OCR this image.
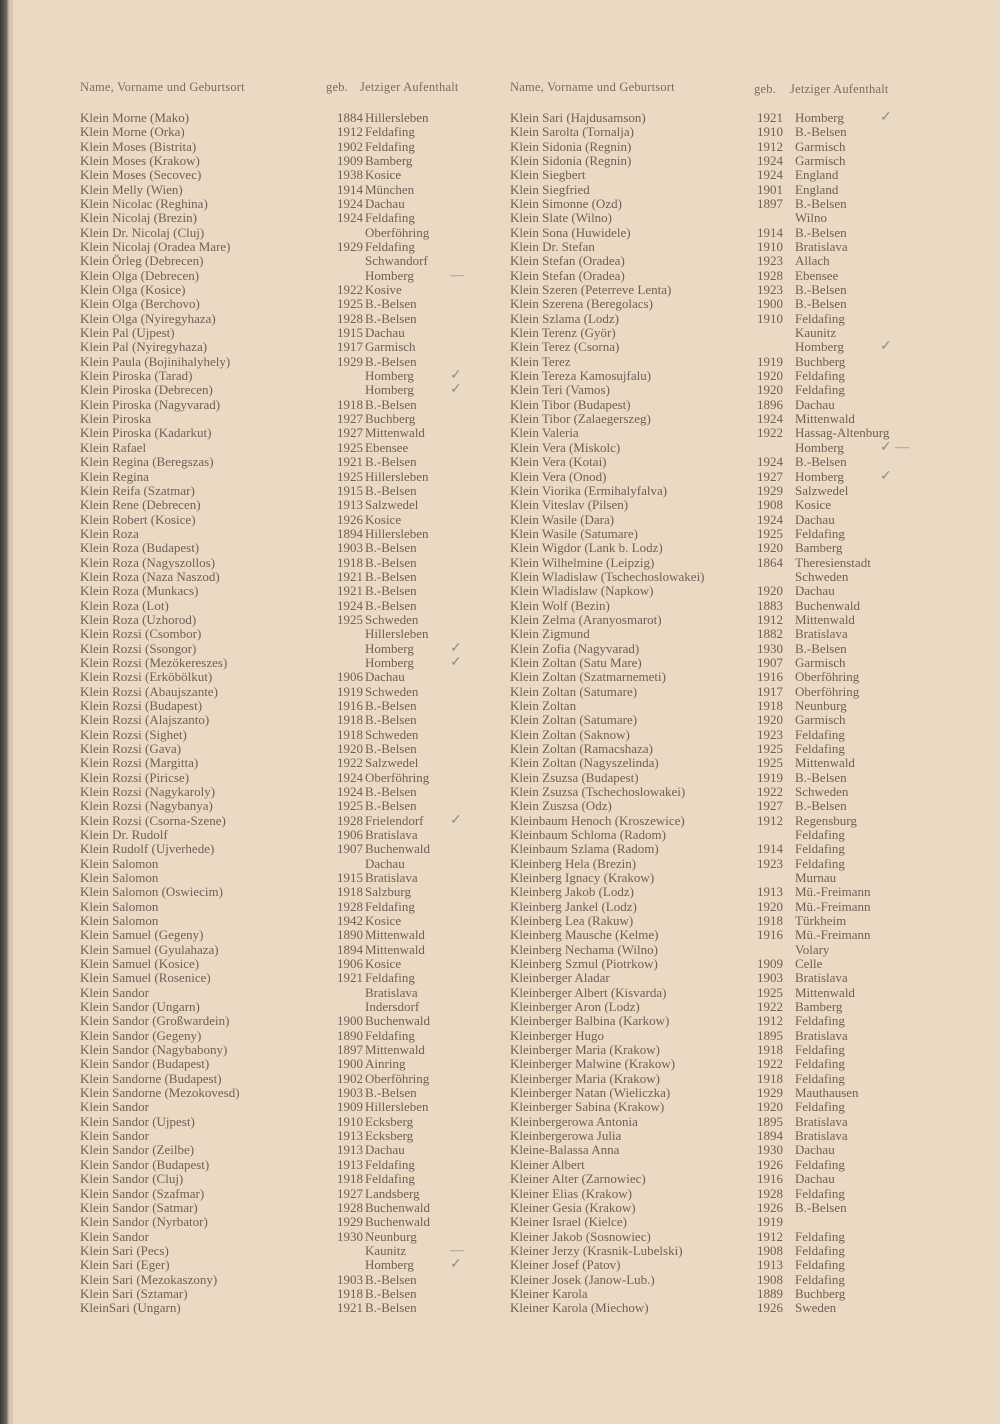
Name, Vorname und Geburtsort	geb. Jetziger Aufenthalt	Name, Vorname und Geburtsort	geb. Jetziger Aufenthalt
Klein Morne (Mako)	1884 Hillersleben
Klein Morne (Orka)	1912 Feldafing
Klein Moses (Bistrita)	1902 Feldafing
Klein Moses (Krakow)	1909 Bamberg
Klein Moses (Secovec)	1938 Kosice
Klein Melly (Wien)	1914 München
Klein Nicolac (Reghina)	1924 Dachau
Klein Nicolaj (Brezin)	1924 Feldafing
Klein Dr. Nicolaj (Cluj)	Oberföhring
Klein Nicolaj (Oradea Mare)	1929 Feldafing
Klein Örleg (Debrecen)	Schwandorf
Klein Olga (Debrecen)	Homberg	—
Klein Olga (Kosice)	1922 Kosive
Klein Olga (Berchovo)	1925 B.-Belsen
Klein Olga (Nyiregyhaza)	1928 B.-Belsen
Klein Pal (Ujpest)	1915 Dachau
Klein Pal (Nyiregyhaza)	1917 Garmisch
Klein Paula (Bojinihalyhely)	1929 B.-Belsen
Klein Piroska (Tarad)	Homberg	✓
Klein Piroska (Debrecen)	Homberg	✓
Klein Piroska (Nagyvarad)	1918 B.-Belsen
Klein Piroska	1927 Buchberg
Klein Piroska (Kadarkut)	1927 Mittenwald
Klein Rafael	1925 Ebensee
Klein Regina (Beregszas)	1921 B.-Belsen
Klein Regina	1925 Hillersleben
Klein Reifa (Szatmar)	1915 B.-Belsen
Klein Rene (Debrecen)	1913 Salzwedel
Klein Robert (Kosice)	1926 Kosice
Klein Roza	1894 Hillersleben
Klein Roza (Budapest)	1903 B.-Belsen
Klein Roza (Nagyszollos)	1918 B.-Belsen
Klein Roza (Naza Naszod)	1921 B.-Belsen
Klein Roza (Munkacs)	1921 B.-Belsen
Klein Roza (Lot)	1924 B.-Belsen
Klein Roza (Uzhorod)	1925 Schweden
Klein Rozsi (Csombor)	Hillersleben
Klein Rozsi (Ssongor)	Homberg	✓
Klein Rozsi (Mezökereszes)	Homberg	✓
Klein Rozsi (Erköbölkut)	1906 Dachau
Klein Rozsi (Abaujszante)	1919 Schweden
Klein Rozsi (Budapest)	1916 B.-Belsen
Klein Rozsi (Alajszanto)	1918 B.-Belsen
Klein Rozsi (Sighet)	1918 Schweden
Klein Rozsi (Gava)	1920 B.-Belsen
Klein Rozsi (Margitta)	1922 Salzwedel
Klein Rozsi (Piricse)	1924 Oberföhring
Klein Rozsi (Nagykaroly)	1924 B.-Belsen
Klein Rozsi (Nagybanya)	1925 B.-Belsen
Klein Rozsi (Csorna-Szene)	1928 Frielendorf ✓
Klein Dr. Rudolf	1906 Bratislava
Klein Rudolf (Ujverhede)	1907 Buchenwald
Klein Salomon	Dachau
Klein Salomon	1915 Bratislava
Klein Salomon (Oswiecim)	1918 Salzburg
Klein Salomon	1928 Feldafing
Klein Salomon	1942 Kosice
Klein Samuel (Gegeny)	1890 Mittenwald
Klein Samuel (Gyulahaza)	1894 Mittenwald
Klein Samuel (Kosice)	1906 Kosice
Klein Samuel (Rosenice)	1921 Feldafing
Klein Sandor	Bratislava
Klein Sandor (Ungarn)	Indersdorf
Klein Sandor (Großwardein)	1900 Buchenwald
Klein Sandor (Gegeny)	1890 Feldafing
Klein Sandor (Nagybabony)	1897 Mittenwald
Klein Sandor (Budapest)	1900 Ainring
Klein Sandorne (Budapest)	1902 Oberföhring
Klein Sandorne (Mezokovesd)	1903 B.-Belsen
Klein Sandor	1909 Hillersleben
Klein Sandor (Ujpest)	1910 Ecksberg
Klein Sandor	1913 Ecksberg
Klein Sandor (Zeilbe)	1913 Dachau
Klein Sandor (Budapest)	1913 Feldafing
Klein Sandor (Cluj)	1918 Feldafing
Klein Sandor (Szafmar)	1927 Landsberg
Klein Sandor (Satmar)	1928 Buchenwald
Klein Sandor (Nyrbator)	1929 Buchenwald
Klein Sandor	1930 Neunburg
Klein Sari (Pecs)	Kaunitz	—
Klein Sari (Eger)	Homberg	✓
Klein Sari (Mezokaszony)	1903 B.-Belsen
Klein Sari (Sztamar)	1918 B.-Belsen
KleinSari (Ungarn)	1921 B.-Belsen
Klein Sari (Hajdusamson)	1921 Homberg	✓
Klein Sarolta (Tornalja)	1910 B.-Belsen
Klein Sidonia (Regnin)	1912 Garmisch
Klein Sidonia (Regnin)	1924 Garmisch
Klein Siegbert	1924 England
Klein Siegfried	1901 England
Klein Simonne (Ozd)	1897 B.-Belsen
Klein Slate (Wilno)	Wilno
Klein Sona (Huwidele)	1914 B.-Belsen
Klein Dr. Stefan	1910 Bratislava
Klein Stefan (Oradea)	1923 Allach
Klein Stefan (Oradea)	1928 Ebensee
Klein Szeren (Peterreve Lenta)	1923 B.-Belsen
Klein Szerena (Beregolacs)	1900 B.-Belsen
Klein Szlama (Lodz)	1910 Feldafing
Klein Terenz (Györ)	Kaunitz
Klein Terez (Csorna)	Homberg	✓
Klein Terez	1919 Buchberg
Klein Tereza Kamosujfalu)	1920 Feldafing
Klein Teri (Vamos)	1920 Feldafing
Klein Tibor (Budapest)	1896 Dachau
Klein Tibor (Zalaegerszeg)	1924 Mittenwald
Klein Valeria	1922 Hassag-Altenburg
Klein Vera (Miskolc)	Homberg	✓ —
Klein Vera (Kotai)	1924 B.-Belsen
Klein Vera (Onod)	1927 Homberg	✓
Klein Viorika (Ermihalyfalva)	1929 Salzwedel
Klein Viteslav (Pilsen)	1908 Kosice
Klein Wasile (Dara)	1924 Dachau
Klein Wasile (Satumare)	1925 Feldafing
Klein Wigdor (Lank b. Lodz)	1920 Bamberg
Klein Wilhelmine (Leipzig)	1864 Theresienstadt
Klein Wladislaw (Tschechoslowakei)	Schweden
Klein Wladislaw (Napkow)	1920 Dachau
Klein Wolf (Bezin)	1883 Buchenwald
Klein Zelma (Aranyosmarot)	1912 Mittenwald
Klein Zigmund	1882 Bratislava
Klein Zofia (Nagyvarad)	1930 B.-Belsen
Klein Zoltan (Satu Mare)	1907 Garmisch
Klein Zoltan (Szatmarnemeti)	1916 Oberföhring
Klein Zoltan (Satumare)	1917 Oberföhring
Klein Zoltan	1918 Neunburg
Klein Zoltan (Satumare)	1920 Garmisch
Klein Zoltan (Saknow)	1923 Feldafing
Klein Zoltan (Ramacshaza)	1925 Feldafing
Klein Zoltan (Nagyszelinda)	1925 Mittenwald
Klein Zsuzsa (Budapest)	1919 B.-Belsen
Klein Zsuzsa (Tschechoslowakei)	1922 Schweden
Klein Zuszsa (Odz)	1927 B.-Belsen
Kleinbaum Henoch (Kroszewice)	1912 Regensburg
Kleinbaum Schloma (Radom)	Feldafing
Kleinbaum Szlama (Radom)	1914 Feldafing
Kleinberg Hela (Brezin)	1923 Feldafing
Kleinberg Ignacy (Krakow)	Murnau
Kleinberg Jakob (Lodz)	1913 Mü.-Freimann
Kleinberg Jankel (Lodz)	1920 Mü.-Freimann
Kleinberg Lea (Rakuw)	1918 Türkheim
Kleinberg Mausche (Kelme)	1916 Mü.-Freimann
Kleinberg Nechama (Wilno)	Volary
Kleinberg Szmul (Piotrkow)	1909 Celle
Kleinberger Aladar	1903 Bratislava
Kleinberger Albert (Kisvarda)	1925 Mittenwald
Kleinberger Aron (Lodz)	1922 Bamberg
Kleinberger Balbina (Karkow)	1912 Feldafing
Kleinberger Hugo	1895 Bratislava
Kleinberger Maria (Krakow)	1918 Feldafing
Kleinberger Malwine (Krakow)	1922 Feldafing
Kleinberger Maria (Krakow)	1918 Feldafing
Kleinberger Natan (Wieliczka)	1929 Mauthausen
Kleinberger Sabina (Krakow)	1920 Feldafing
Kleinbergerowa Antonia	1895 Bratislava
Kleinbergerowa Julia	1894 Bratislava
Kleine-Balassa Anna	1930 Dachau
Kleiner Albert	1926 Feldafing
Kleiner Alter (Zarnowiec)	1916 Dachau
Kleiner Elias (Krakow)	1928 Feldafing
Kleiner Gesia (Krakow)	1926 B.-Belsen
Kleiner Israel (Kielce)	1919
Kleiner Jakob (Sosnowiec)	1912 Feldafing
Kleiner Jerzy (Krasnik-Lubelski)	1908 Feldafing
Kleiner Josef (Patov)	1913 Feldafing
Kleiner Josek (Janow-Lub.)	1908 Feldafing
Kleiner Karola	1889 Buchberg
Kleiner Karola (Miechow)	1926 Sweden
